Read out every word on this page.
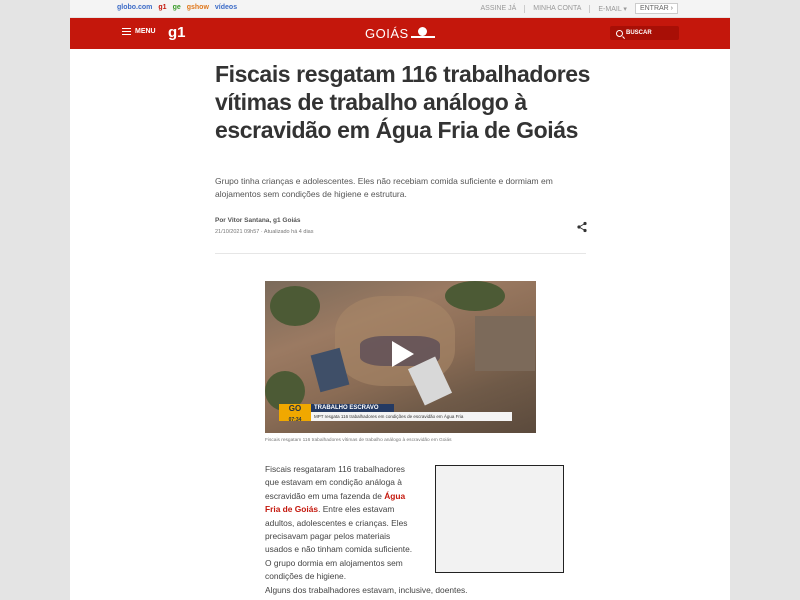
globo.com g1 ge gshow vídeos	ASSINE JÁ MINHA CONTA E-MAIL ▾	ENTRAR ›
MENU g1	GOIÁS	BUSCAR
Fiscais resgatam 116 trabalhadores vítimas de trabalho análogo à escravidão em Água Fria de Goiás

Grupo tinha crianças e adolescentes. Eles não recebiam comida suficiente e dormiam em alojamentos sem condições de higiene e estrutura.

Por Vitor Santana, g1 Goiás
21/10/2021 09h57 · Atualizado há 4 dias
GO
07:34
TRABALHO ESCRAVO
MPT resgata 116 trabalhadores em condições de escravidão em Água Fria
Fiscais resgatam 116 trabalhadores vítimas de trabalho análogo à escravidão em Goiás

Fiscais resgataram 116 trabalhadores que estavam em condição análoga à escravidão em uma fazenda de Água Fria de Goiás. Entre eles estavam adultos, adolescentes e crianças. Eles precisavam pagar pelos materiais usados e não tinham comida suficiente. O grupo dormia em alojamentos sem condições de higiene.

Alguns dos trabalhadores estavam, inclusive, doentes.
